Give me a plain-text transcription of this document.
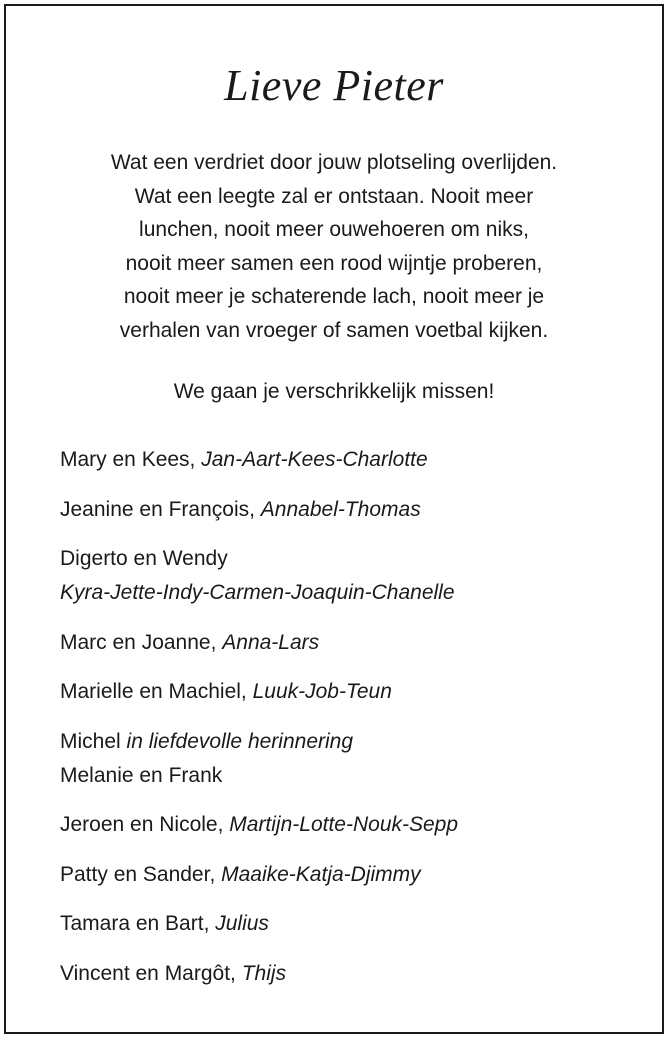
Lieve Pieter
Wat een verdriet door jouw plotseling overlijden.
Wat een leegte zal er ontstaan. Nooit meer
lunchen, nooit meer ouwehoeren om niks,
nooit meer samen een rood wijntje proberen,
nooit meer je schaterende lach, nooit meer je
verhalen van vroeger of samen voetbal kijken.
We gaan je verschrikkelijk missen!
Mary en Kees, Jan-Aart-Kees-Charlotte
Jeanine en François, Annabel-Thomas
Digerto en Wendy
Kyra-Jette-Indy-Carmen-Joaquin-Chanelle
Marc en Joanne, Anna-Lars
Marielle en Machiel, Luuk-Job-Teun
Michel in liefdevolle herinnering
Melanie en Frank
Jeroen en Nicole, Martijn-Lotte-Nouk-Sepp
Patty en Sander, Maaike-Katja-Djimmy
Tamara en Bart, Julius
Vincent en Margôt, Thijs
